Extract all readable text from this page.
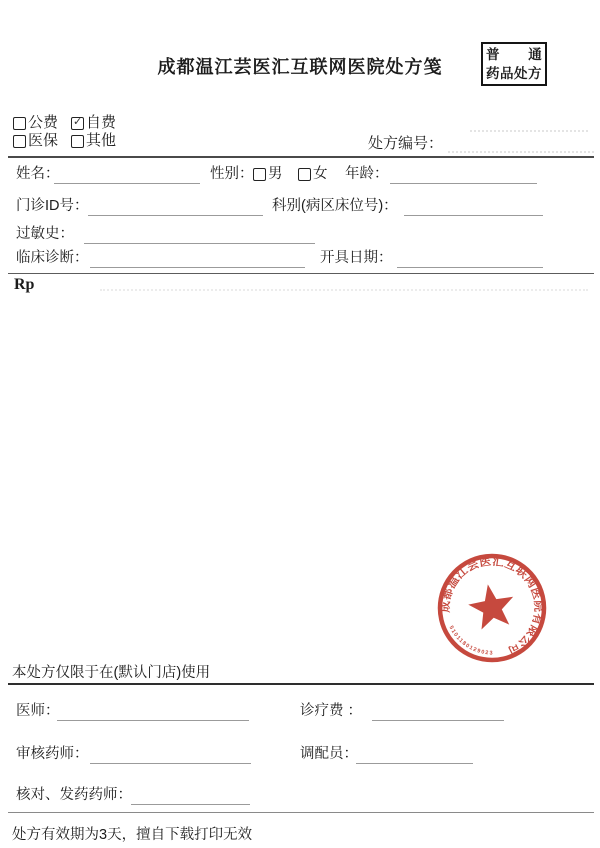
成都温江芸医汇互联网医院处方笺
普 通
药品处方
公费 ✓ 自费
医保 其他	处方编号：
姓名：	性别： 男 女 年龄：
门诊ID号：	科别(病区床位号)：
过敏史：
临床诊断：	开具日期：
Rp
成都温江芸医汇互联网医院有限公司
5101180129023
本处方仅限于在(默认门店)使用
医师：	诊疗费 ：
审核药师：	调配员：
核对、发药药师：
处方有效期为3天，擅自下载打印无效
